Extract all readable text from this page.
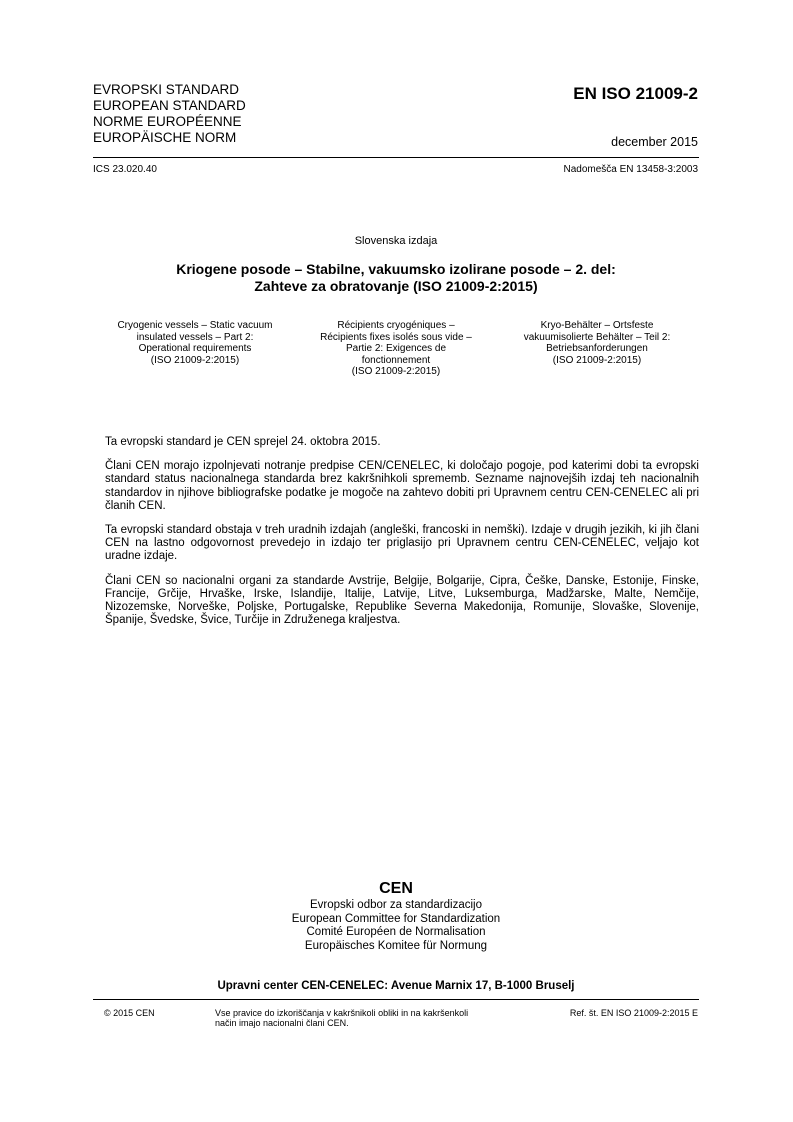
EVROPSKI STANDARD
EUROPEAN STANDARD
NORME EUROPÉENNE
EUROPÄISCHE NORM
EN ISO 21009-2
december 2015
ICS 23.020.40	Nadomešča EN 13458-3:2003
Slovenska izdaja
Kriogene posode – Stabilne, vakuumsko izolirane posode – 2. del:
Zahteve za obratovanje (ISO 21009-2:2015)
Cryogenic vessels – Static vacuum
insulated vessels – Part 2:
Operational requirements
(ISO 21009-2:2015)
Récipients cryogéniques –
Récipients fixes isolés sous vide –
Partie 2: Exigences de
fonctionnement
(ISO 21009-2:2015)
Kryo-Behälter – Ortsfeste
vakuumisolierte Behälter – Teil 2:
Betriebsanforderungen
(ISO 21009-2:2015)

Ta evropski standard je CEN sprejel 24. oktobra 2015.

Člani CEN morajo izpolnjevati notranje predpise CEN/CENELEC, ki določajo pogoje, pod katerimi dobi ta evropski standard status nacionalnega standarda brez kakršnihkoli sprememb. Sezname najnovejših izdaj teh nacionalnih standardov in njihove bibliografske podatke je mogoče na zahtevo dobiti pri Upravnem centru CEN-CENELEC ali pri članih CEN.

Ta evropski standard obstaja v treh uradnih izdajah (angleški, francoski in nemški). Izdaje v drugih jezikih, ki jih člani CEN na lastno odgovornost prevedejo in izdajo ter priglasijo pri Upravnem centru CEN-CENELEC, veljajo kot uradne izdaje.

Člani CEN so nacionalni organi za standarde Avstrije, Belgije, Bolgarije, Cipra, Češke, Danske, Estonije, Finske, Francije, Grčije, Hrvaške, Irske, Islandije, Italije, Latvije, Litve, Luksemburga, Madžarske, Malte, Nemčije, Nizozemske, Norveške, Poljske, Portugalske, Republike Severna Makedonija, Romunije, Slovaške, Slovenije, Španije, Švedske, Švice, Turčije in Združenega kraljestva.

CEN
Evropski odbor za standardizacijo
European Committee for Standardization
Comité Européen de Normalisation
Europäisches Komitee für Normung
Upravni center CEN-CENELEC: Avenue Marnix 17, B-1000 Bruselj
© 2015 CEN	Vse pravice do izkoriščanja v kakršnikoli obliki in na kakršenkoli
način imajo nacionalni člani CEN.
Ref. št. EN ISO 21009-2:2015 E
